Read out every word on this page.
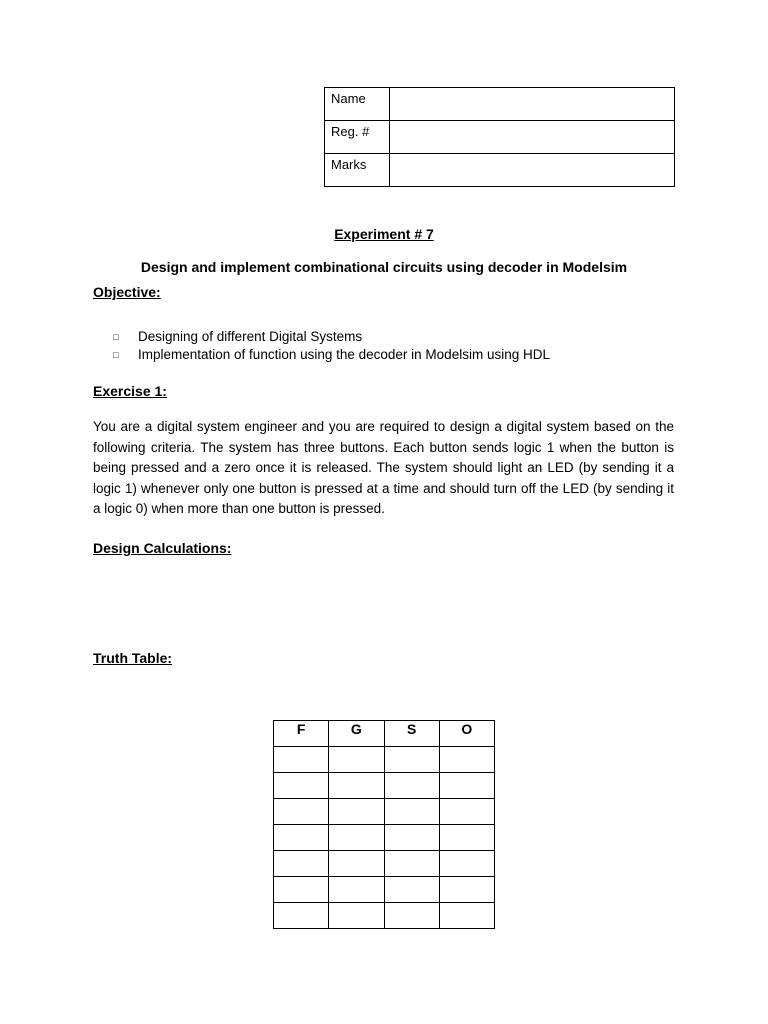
Name	
Reg. #	
Marks	
Experiment # 7
Design and implement combinational circuits using decoder in Modelsim
Objective:
□ Designing of different Digital Systems
□ Implementation of function using the decoder in Modelsim using HDL
Exercise 1:

You are a digital system engineer and you are required to design a digital system based on the following criteria. The system has three buttons. Each button sends logic 1 when the button is being pressed and a zero once it is released. The system should light an LED (by sending it a logic 1) whenever only one button is pressed at a time and should turn off the LED (by sending it a logic 0) when more than one button is pressed.

Design Calculations:
Truth Table:
F	G	S	O
